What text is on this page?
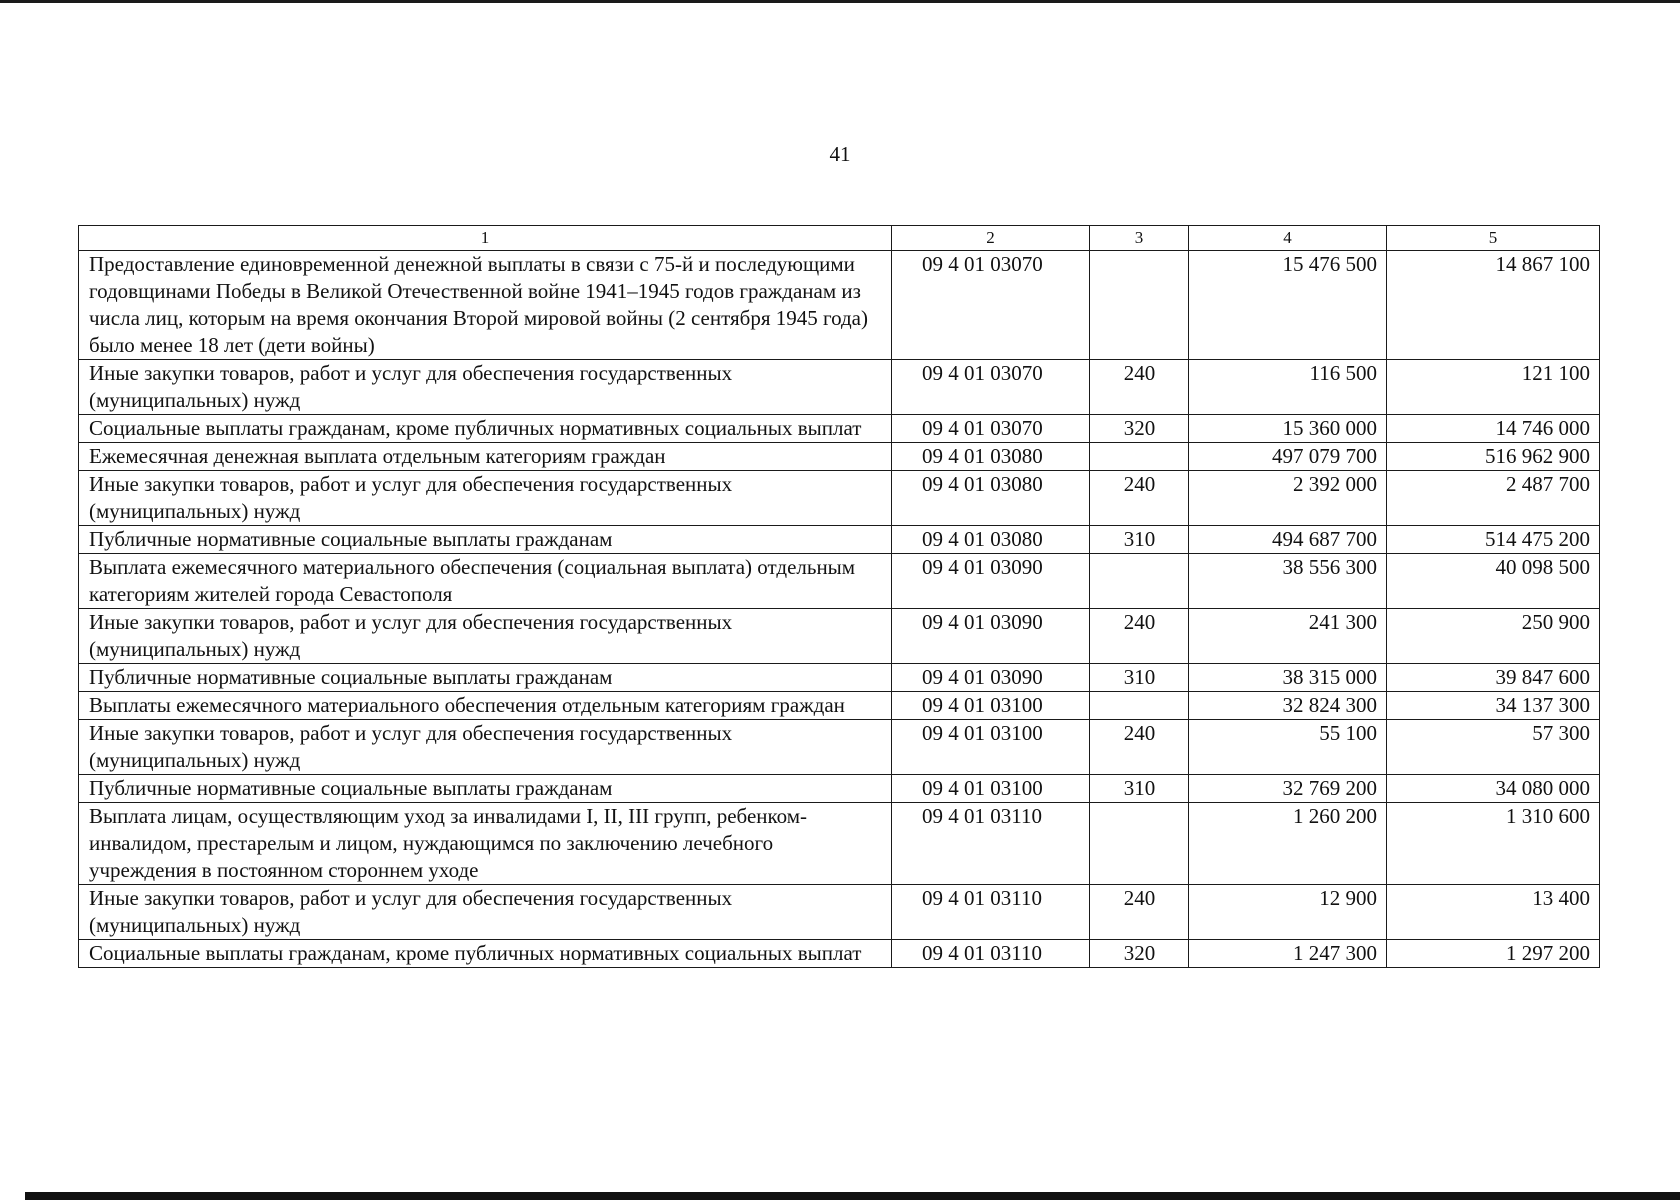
41
1	2	3	4	5
Предоставление единовременной денежной выплаты в связи с 75-й и последующими годовщинами Победы в Великой Отечественной войне 1941–1945 годов гражданам из числа лиц, которым на время окончания Второй мировой войны (2 сентября 1945 года) было менее 18 лет (дети войны)	09 4 01 03070		15 476 500	14 867 100
Иные закупки товаров, работ и услуг для обеспечения государственных (муниципальных) нужд	09 4 01 03070	240	116 500	121 100
Социальные выплаты гражданам, кроме публичных нормативных социальных выплат	09 4 01 03070	320	15 360 000	14 746 000
Ежемесячная денежная выплата отдельным категориям граждан	09 4 01 03080		497 079 700	516 962 900
Иные закупки товаров, работ и услуг для обеспечения государственных (муниципальных) нужд	09 4 01 03080	240	2 392 000	2 487 700
Публичные нормативные социальные выплаты гражданам	09 4 01 03080	310	494 687 700	514 475 200
Выплата ежемесячного материального обеспечения (социальная выплата) отдельным категориям жителей города Севастополя	09 4 01 03090		38 556 300	40 098 500
Иные закупки товаров, работ и услуг для обеспечения государственных (муниципальных) нужд	09 4 01 03090	240	241 300	250 900
Публичные нормативные социальные выплаты гражданам	09 4 01 03090	310	38 315 000	39 847 600
Выплаты ежемесячного материального обеспечения отдельным категориям граждан	09 4 01 03100		32 824 300	34 137 300
Иные закупки товаров, работ и услуг для обеспечения государственных (муниципальных) нужд	09 4 01 03100	240	55 100	57 300
Публичные нормативные социальные выплаты гражданам	09 4 01 03100	310	32 769 200	34 080 000
Выплата лицам, осуществляющим уход за инвалидами I, II, III групп, ребенком-инвалидом, престарелым и лицом, нуждающимся по заключению лечебного учреждения в постоянном стороннем уходе	09 4 01 03110		1 260 200	1 310 600
Иные закупки товаров, работ и услуг для обеспечения государственных (муниципальных) нужд	09 4 01 03110	240	12 900	13 400
Социальные выплаты гражданам, кроме публичных нормативных социальных выплат	09 4 01 03110	320	1 247 300	1 297 200
